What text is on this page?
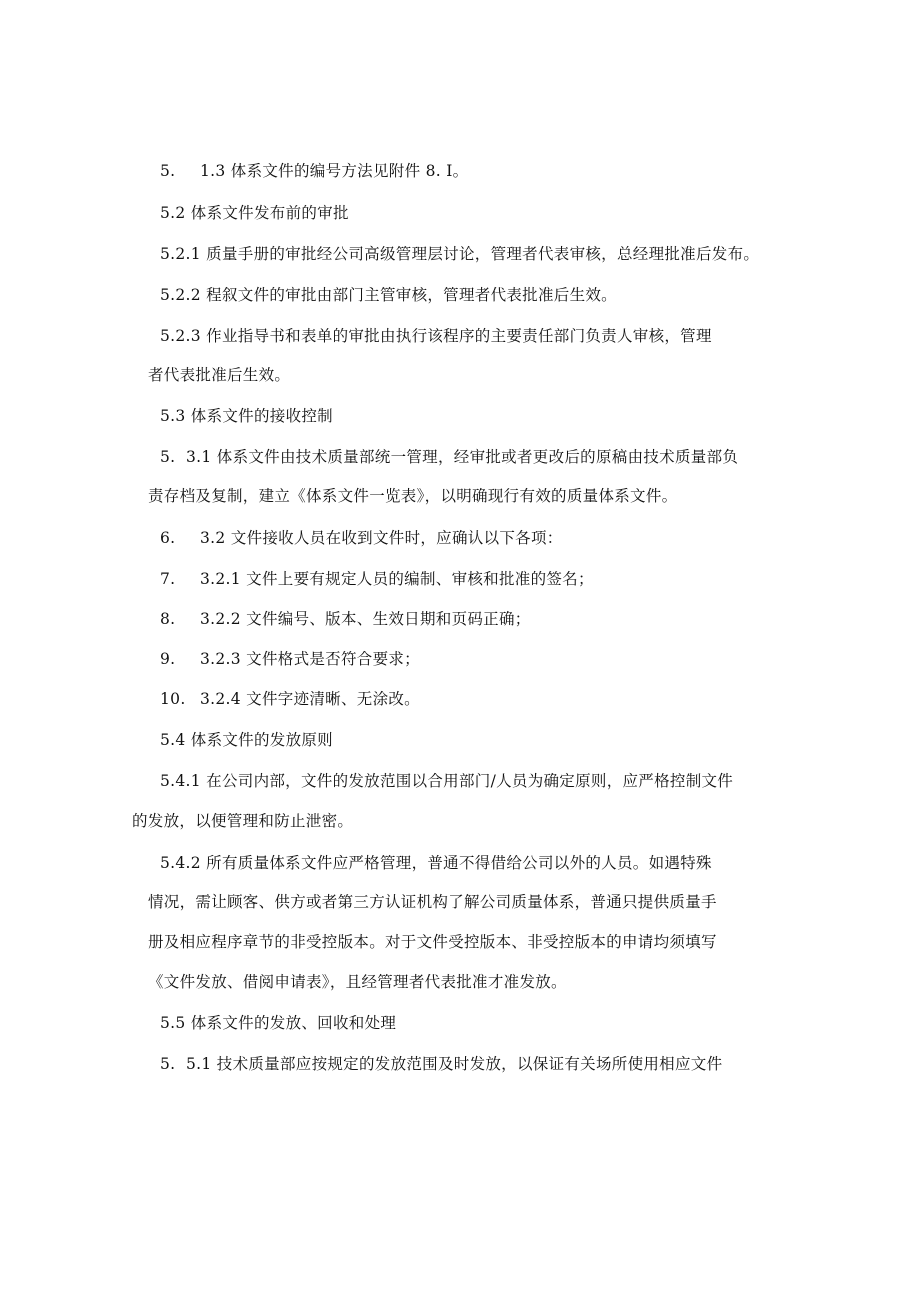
5. 1.3 体系文件的编号方法见附件 8. I。
5.2 体系文件发布前的审批
5.2.1 质量手册的审批经公司高级管理层讨论，管理者代表审核，总经理批准后发布。
5.2.2 程叙文件的审批由部门主管审核，管理者代表批准后生效。
5.2.3 作业指导书和表单的审批由执行该程序的主要责任部门负责人审核，管理
者代表批准后生效。
5.3 体系文件的接收控制
5. 3.1 体系文件由技术质量部统一管理，经审批或者更改后的原稿由技术质量部负
责存档及复制，建立《体系文件一览表》，以明确现行有效的质量体系文件。
6. 3.2 文件接收人员在收到文件时，应确认以下各项：
7. 3.2.1 文件上要有规定人员的编制、审核和批准的签名；
8. 3.2.2 文件编号、版本、生效日期和页码正确；
9. 3.2.3 文件格式是否符合要求；
10. 3.2.4 文件字迹清晰、无涂改。
5.4 体系文件的发放原则
5.4.1 在公司内部，文件的发放范围以合用部门/人员为确定原则，应严格控制文件
的发放，以便管理和防止泄密。
5.4.2 所有质量体系文件应严格管理，普通不得借给公司以外的人员。如遇特殊
情况，需让顾客、供方或者第三方认证机构了解公司质量体系，普通只提供质量手
册及相应程序章节的非受控版本。对于文件受控版本、非受控版本的申请均须填写
《文件发放、借阅申请表》，且经管理者代表批准才准发放。
5.5 体系文件的发放、回收和处理
5. 5.1 技术质量部应按规定的发放范围及时发放，以保证有关场所使用相应文件
